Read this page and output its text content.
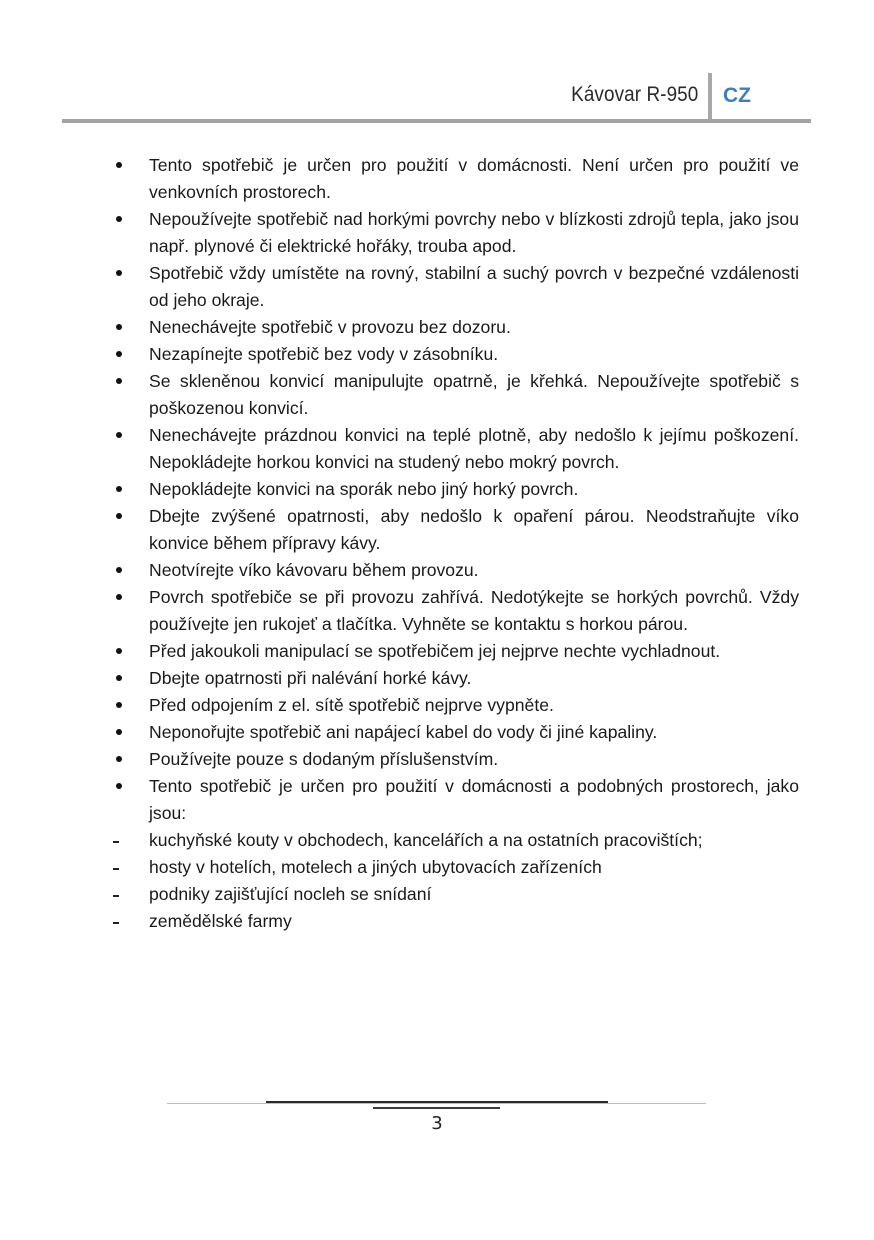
Kávovar R-950 CZ
Tento spotřebič je určen pro použití v domácnosti. Není určen pro použití ve venkovních prostorech.
Nepoužívejte spotřebič nad horkými povrchy nebo v blízkosti zdrojů tepla, jako jsou např. plynové či elektrické hořáky, trouba apod.
Spotřebič vždy umístěte na rovný, stabilní a suchý povrch v bezpečné vzdálenosti od jeho okraje.
Nenechávejte spotřebič v provozu bez dozoru.
Nezapínejte spotřebič bez vody v zásobníku.
Se skleněnou konvicí manipulujte opatrně, je křehká. Nepoužívejte spotřebič s poškozenou konvicí.
Nenechávejte prázdnou konvici na teplé plotně, aby nedošlo k jejímu poškození. Nepokládejte horkou konvici na studený nebo mokrý povrch.
Nepokládejte konvici na sporák nebo jiný horký povrch.
Dbejte zvýšené opatrnosti, aby nedošlo k opaření párou. Neodstraňujte víko konvice během přípravy kávy.
Neotvírejte víko kávovaru během provozu.
Povrch spotřebiče se při provozu zahřívá. Nedotýkejte se horkých povrchů. Vždy používejte jen rukojeť a tlačítka. Vyhněte se kontaktu s horkou párou.
Před jakoukoli manipulací se spotřebičem jej nejprve nechte vychladnout.
Dbejte opatrnosti při nalévání horké kávy.
Před odpojením z el. sítě spotřebič nejprve vypněte.
Neponořujte spotřebič ani napájecí kabel do vody či jiné kapaliny.
Používejte pouze s dodaným příslušenstvím.
Tento spotřebič je určen pro použití v domácnosti a podobných prostorech, jako jsou:
kuchyňské kouty v obchodech, kancelářích a na ostatních pracovištích;
hosty v hotelích, motelech a jiných ubytovacích zařízeních
podniky zajišťující nocleh se snídaní
zemědělské farmy
3
